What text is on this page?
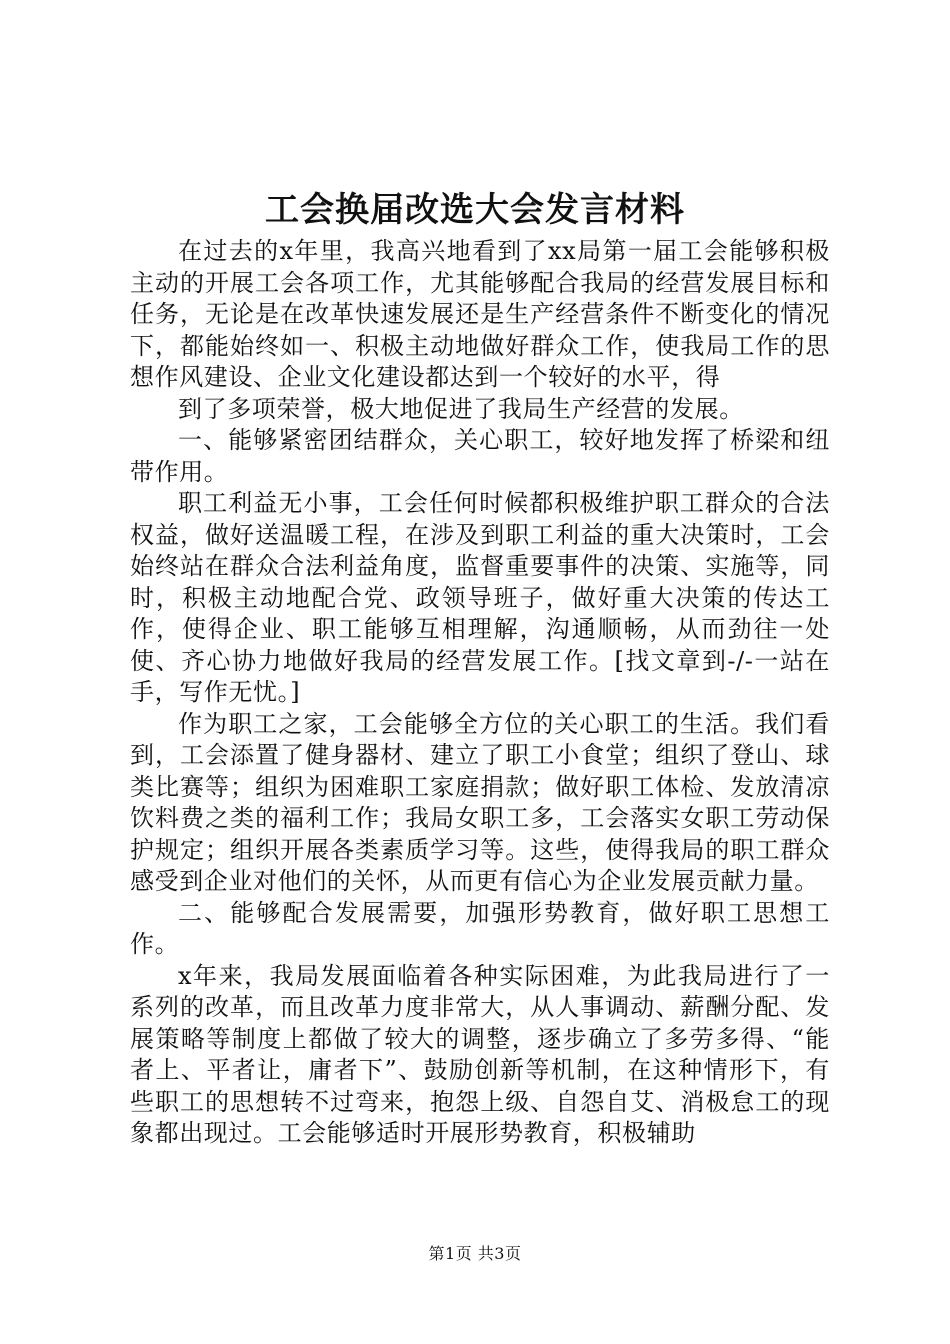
工会换届改选大会发言材料

在过去的x年里，我高兴地看到了xx局第一届工会能够积极主动的开展工会各项工作，尤其能够配合我局的经营发展目标和任务，无论是在改革快速发展还是生产经营条件不断变化的情况下，都能始终如一、积极主动地做好群众工作，使我局工作的思想作风建设、企业文化建设都达到一个较好的水平，得

到了多项荣誉，极大地促进了我局生产经营的发展。

一、能够紧密团结群众，关心职工，较好地发挥了桥梁和纽带作用。

职工利益无小事，工会任何时候都积极维护职工群众的合法权益，做好送温暖工程，在涉及到职工利益的重大决策时，工会始终站在群众合法利益角度，监督重要事件的决策、实施等，同时，积极主动地配合党、政领导班子，做好重大决策的传达工作，使得企业、职工能够互相理解，沟通顺畅，从而劲往一处使、齐心协力地做好我局的经营发展工作。[找文章到-/-一站在手，写作无忧。]

作为职工之家，工会能够全方位的关心职工的生活。我们看到，工会添置了健身器材、建立了职工小食堂；组织了登山、球类比赛等；组织为困难职工家庭捐款；做好职工体检、发放清凉饮料费之类的福利工作；我局女职工多，工会落实女职工劳动保护规定；组织开展各类素质学习等。这些，使得我局的职工群众感受到企业对他们的关怀，从而更有信心为企业发展贡献力量。

二、能够配合发展需要，加强形势教育，做好职工思想工作。

x年来，我局发展面临着各种实际困难，为此我局进行了一系列的改革，而且改革力度非常大，从人事调动、薪酬分配、发展策略等制度上都做了较大的调整，逐步确立了多劳多得、“能者上、平者让，庸者下”、鼓励创新等机制，在这种情形下，有些职工的思想转不过弯来，抱怨上级、自怨自艾、消极怠工的现象都出现过。工会能够适时开展形势教育，积极辅助

第1页 共3页
